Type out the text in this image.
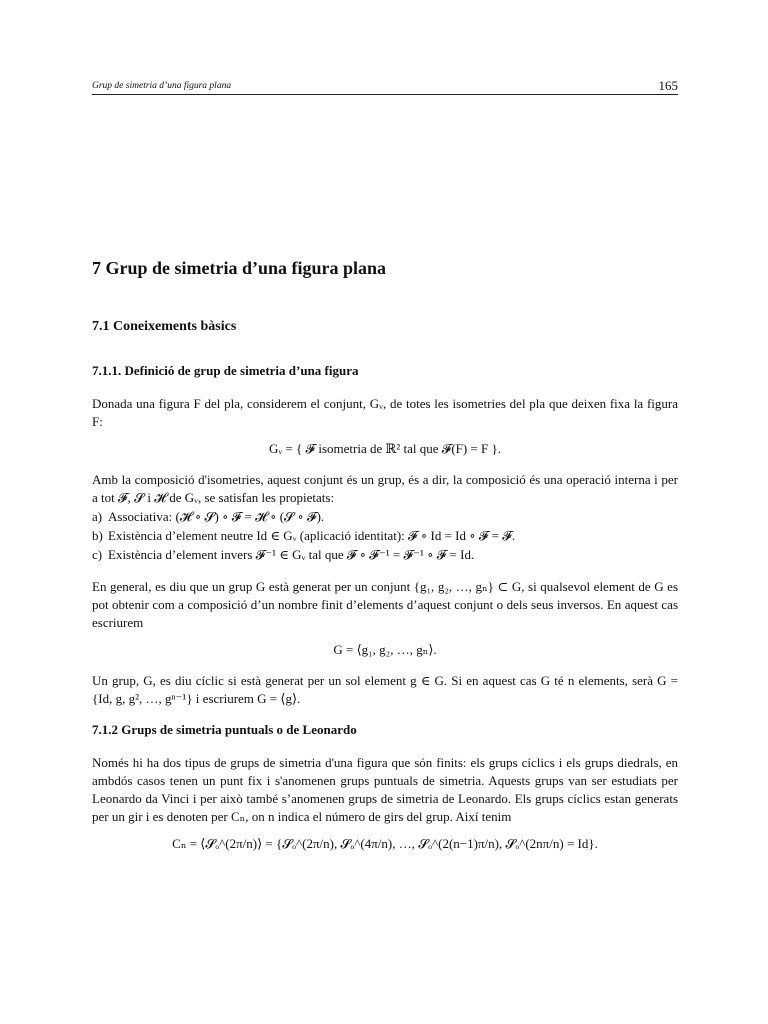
Grup de simetria d’una figura plana	165
7 Grup de simetria d’una figura plana
7.1 Coneixements bàsics
7.1.1. Definició de grup de simetria d’una figura

Donada una figura F del pla, considerem el conjunt, Gᵥ, de totes les isometries del pla que deixen fixa la figura F:

Gᵥ = { 𝓕 isometria de ℝ² tal que 𝓕(F) = F }.

Amb la composició d'isometries, aquest conjunt és un grup, és a dir, la composició és una operació interna i per a tot 𝓕, 𝓢 i 𝓗 de Gᵥ, se satisfan les propietats:

a) Associativa: (𝓗 ∘ 𝓢) ∘ 𝓕 = 𝓗 ∘ (𝓢 ∘ 𝓕).
b) Existència d’element neutre Id ∈ Gᵥ (aplicació identitat): 𝓕 ∘ Id = Id ∘ 𝓕 = 𝓕.
c) Existència d’element invers 𝓕⁻¹ ∈ Gᵥ tal que 𝓕 ∘ 𝓕⁻¹ = 𝓕⁻¹ ∘ 𝓕 = Id.

En general, es diu que un grup G està generat per un conjunt {g₁, g₂, …, gₙ} ⊂ G, si qualsevol element de G es pot obtenir com a composició d’un nombre finit d’elements d’aquest conjunt o dels seus inversos. En aquest cas escriurem

G = ⟨g₁, g₂, …, gₙ⟩.

Un grup, G, es diu cíclic si està generat per un sol element g ∈ G. Si en aquest cas G té n elements, serà G = {Id, g, g², …, gⁿ⁻¹} i escriurem G = ⟨g⟩.

7.1.2 Grups de simetria puntuals o de Leonardo

Només hi ha dos tipus de grups de simetria d'una figura que són finits: els grups cíclics i els grups diedrals, en ambdós casos tenen un punt fix i s'anomenen grups puntuals de simetria. Aquests grups van ser estudiats per Leonardo da Vinci i per això també s’anomenen grups de simetria de Leonardo. Els grups cíclics estan generats per un gir i es denoten per Cₙ, on n indica el número de girs del grup. Així tenim

Cₙ = ⟨𝓢ₒ^(2π/n)⟩ = {𝓢ₒ^(2π/n), 𝓢ₒ^(4π/n), …, 𝓢ₒ^(2(n−1)π/n), 𝓢ₒ^(2nπ/n) = Id}.
